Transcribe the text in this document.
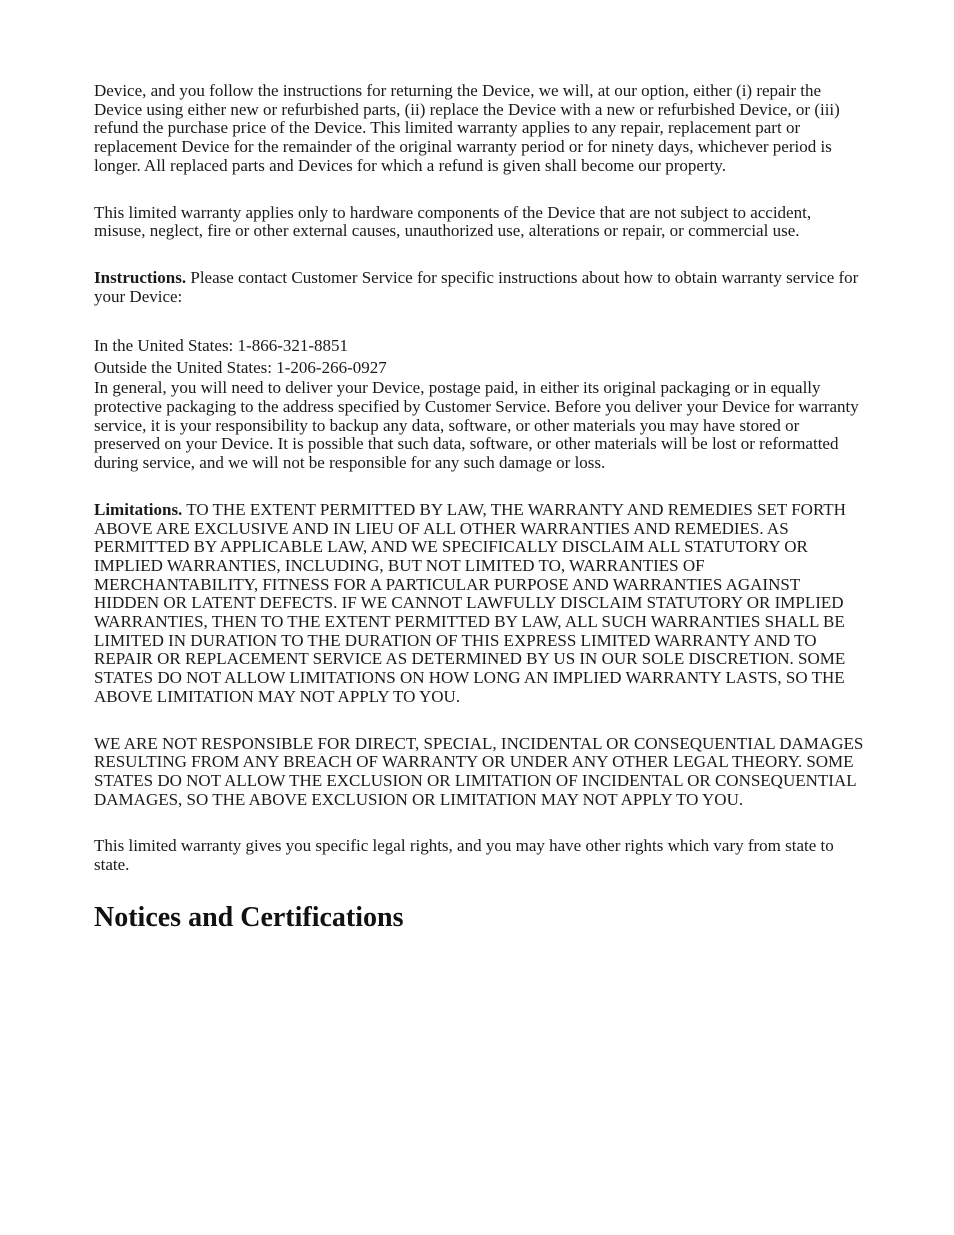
Device, and you follow the instructions for returning the Device, we will, at our option, either (i) repair the Device using either new or refurbished parts, (ii) replace the Device with a new or refurbished Device, or (iii) refund the purchase price of the Device. This limited warranty applies to any repair, replacement part or replacement Device for the remainder of the original warranty period or for ninety days, whichever period is longer. All replaced parts and Devices for which a refund is given shall become our property.

This limited warranty applies only to hardware components of the Device that are not subject to accident, misuse, neglect, fire or other external causes, unauthorized use, alterations or repair, or commercial use.

Instructions. Please contact Customer Service for specific instructions about how to obtain warranty service for your Device:

In the United States: 1-866-321-8851

Outside the United States: 1-206-266-0927

In general, you will need to deliver your Device, postage paid, in either its original packaging or in equally protective packaging to the address specified by Customer Service. Before you deliver your Device for warranty service, it is your responsibility to backup any data, software, or other materials you may have stored or preserved on your Device. It is possible that such data, software, or other materials will be lost or reformatted during service, and we will not be responsible for any such damage or loss.

Limitations. TO THE EXTENT PERMITTED BY LAW, THE WARRANTY AND REMEDIES SET FORTH ABOVE ARE EXCLUSIVE AND IN LIEU OF ALL OTHER WARRANTIES AND REMEDIES. AS PERMITTED BY APPLICABLE LAW, AND WE SPECIFICALLY DISCLAIM ALL STATUTORY OR IMPLIED WARRANTIES, INCLUDING, BUT NOT LIMITED TO, WARRANTIES OF MERCHANTABILITY, FITNESS FOR A PARTICULAR PURPOSE AND WARRANTIES AGAINST HIDDEN OR LATENT DEFECTS. IF WE CANNOT LAWFULLY DISCLAIM STATUTORY OR IMPLIED WARRANTIES, THEN TO THE EXTENT PERMITTED BY LAW, ALL SUCH WARRANTIES SHALL BE LIMITED IN DURATION TO THE DURATION OF THIS EXPRESS LIMITED WARRANTY AND TO REPAIR OR REPLACEMENT SERVICE AS DETERMINED BY US IN OUR SOLE DISCRETION. SOME STATES DO NOT ALLOW LIMITATIONS ON HOW LONG AN IMPLIED WARRANTY LASTS, SO THE ABOVE LIMITATION MAY NOT APPLY TO YOU.

WE ARE NOT RESPONSIBLE FOR DIRECT, SPECIAL, INCIDENTAL OR CONSEQUENTIAL DAMAGES RESULTING FROM ANY BREACH OF WARRANTY OR UNDER ANY OTHER LEGAL THEORY. SOME STATES DO NOT ALLOW THE EXCLUSION OR LIMITATION OF INCIDENTAL OR CONSEQUENTIAL DAMAGES, SO THE ABOVE EXCLUSION OR LIMITATION MAY NOT APPLY TO YOU.

This limited warranty gives you specific legal rights, and you may have other rights which vary from state to state.

Notices and Certifications
